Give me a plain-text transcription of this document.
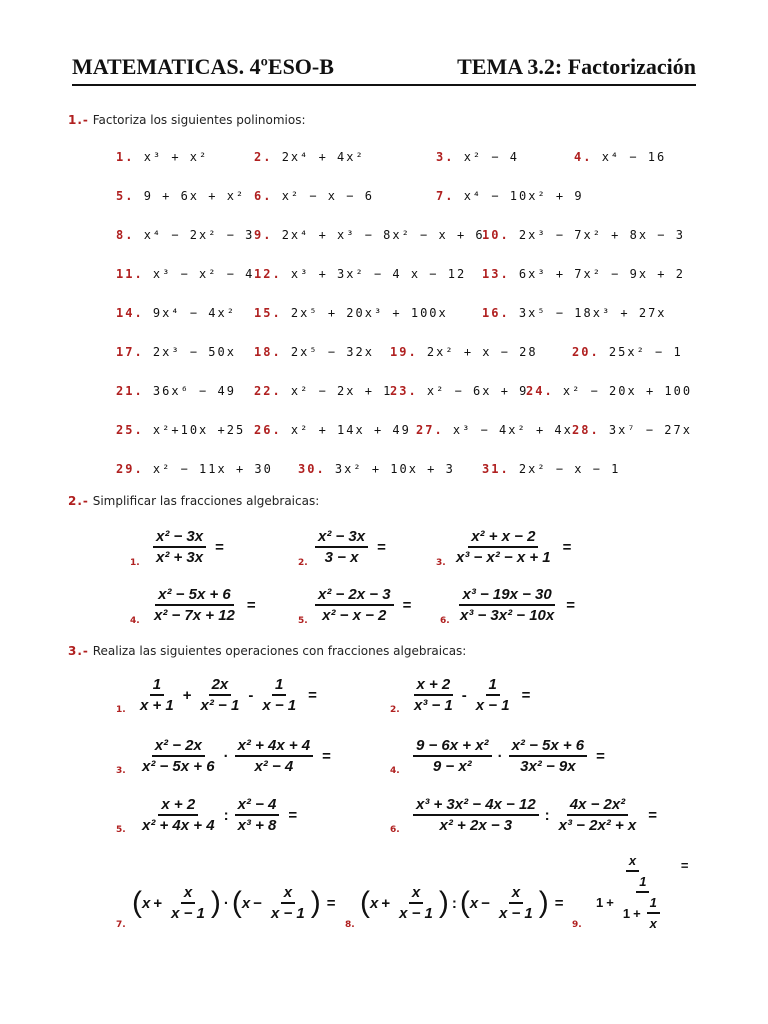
MATEMATICAS. 4ºESO-B	TEMA 3.2: Factorización
1.- Factoriza los siguientes polinomios:
1. x³ + x²	2. 2x⁴ + 4x²	3. x² − 4	4. x⁴ − 16
5. 9 + 6x + x² 6. x² − x − 6	7. x⁴ − 10x² + 9
8. x⁴ − 2x² − 3 9. 2x⁴ + x³ − 8x² − x + 6
10. 2x³ − 7x² + 8x − 3
11. x³ − x² − 4 12. x³ + 3x² − 4 x − 12 13. 6x³ + 7x² − 9x + 2
14. 9x⁴ − 4x² 15. 2x⁵ + 20x³ + 100x	16. 3x⁵ − 18x³ + 27x
17. 2x³ − 50x 18. 2x⁵ − 32x 19. 2x² + x − 28	20. 25x² − 1
21. 36x⁶ − 49 22. x² − 2x + 1
23. x² − 6x + 9
24. x² − 20x + 100
25. x²+10x +25 26. x² + 14x + 49 27. x³ − 4x² + 4x 28. 3x⁷ − 27x
29. x² − 11x + 30 30. 3x² + 10x + 3 31. 2x² − x − 1
2.- Simplificar las fracciones algebraicas:
1. $\frac{\text{x² − 3x}}{\text{x² + 3x}}$ =
2. $\frac{\text{x² − 3x}}{3 - x}$ =
3. $\frac{\text{x² + x − 2}}{\text{x³ − x² − x + 1}}$ =
4. $\frac{\text{x² − 5x + 6}}{\text{x² − 7x + 12}}$ =
5. $\frac{\text{x² − 2x − 3}}{\text{x² − x − 2}}$ =
6. $\frac{\text{x³ − 19x − 30}}{\text{x³ − 3x² − 10x}}$ =
3.- Realiza las siguientes operaciones con fracciones algebraicas:
1.
1
x + 1
+ $\frac{2x}{\text{x² − 1}} - \frac{1}{x - 1}$ =
2.
x + 2
x³ − 1
- $\frac{1}{x - 1}$ =
3.
x² − 2x
x² − 5x + 6
· $\frac{\text{x² + 4x + 4}}{\text{x² − 4}}$ =
4.
9 − 6x + x²
9 − x²
· $\frac{\text{x² − 5x + 6}}{\text{3x² − 9x}}$ =
5.
x + 2
x² + 4x + 4
: $\frac{\text{x² − 4}}{\text{x³ + 8}}$ =
6.
x³ + 3x² − 4x − 12
x² + 2x − 3
: $\frac{\text{4x − 2x²}}{\text{x³ − 2x² + x}}$ =
7.
( $x + \frac{x}{x - 1}$ ) · ( $x - \frac{x}{x - 1}$ ) =
8.
( $x + \frac{x}{x - 1}$ ) : ( $x - \frac{x}{x - 1}$ ) =
9. $\frac{x}{1 + \frac{1}{1 + \frac{1}{x}}}$ =
